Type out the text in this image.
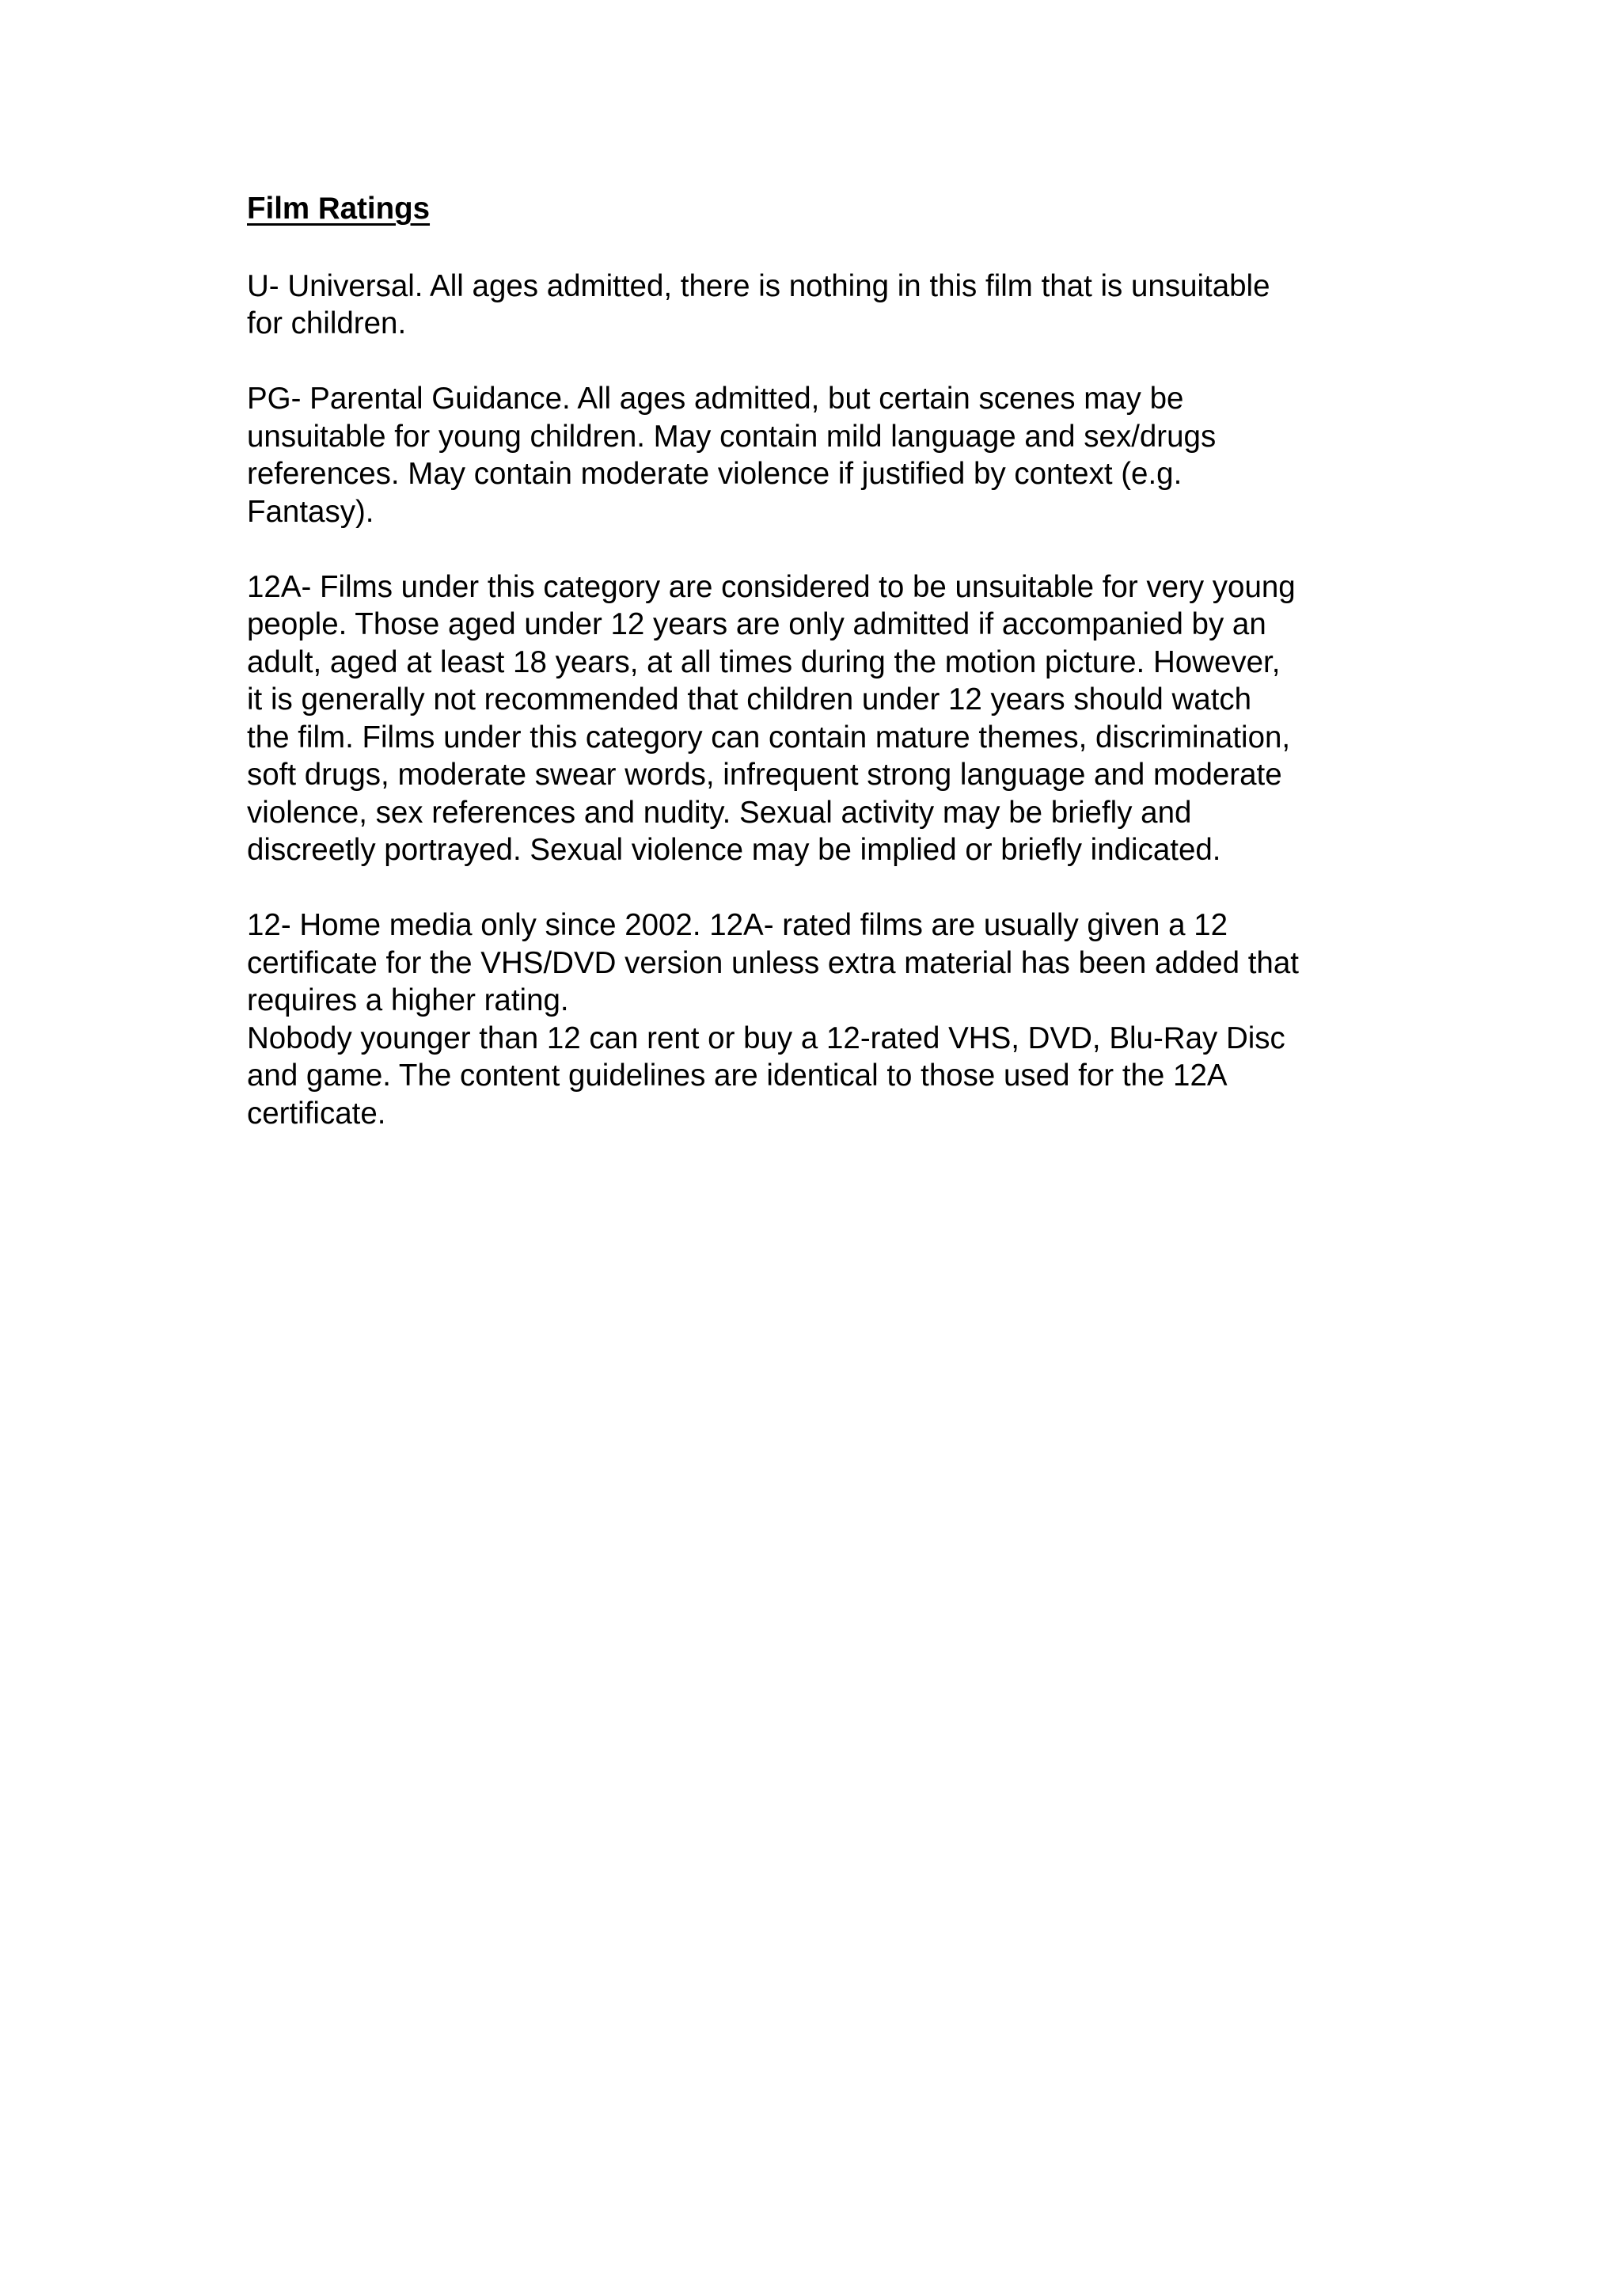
Film Ratings
U- Universal. All ages admitted, there is nothing in this film that is unsuitable
for children.
PG- Parental Guidance. All ages admitted, but certain scenes may be
unsuitable for young children. May contain mild language and sex/drugs
references. May contain moderate violence if justified by context (e.g.
Fantasy).
12A- Films under this category are considered to be unsuitable for very young
people. Those aged under 12 years are only admitted if accompanied by an
adult, aged at least 18 years, at all times during the motion picture. However,
it is generally not recommended that children under 12 years should watch
the film. Films under this category can contain mature themes, discrimination,
soft drugs, moderate swear words, infrequent strong language and moderate
violence, sex references and nudity. Sexual activity may be briefly and
discreetly portrayed. Sexual violence may be implied or briefly indicated.
12- Home media only since 2002. 12A- rated films are usually given a 12
certificate for the VHS/DVD version unless extra material has been added that
requires a higher rating.
Nobody younger than 12 can rent or buy a 12-rated VHS, DVD, Blu-Ray Disc
and game. The content guidelines are identical to those used for the 12A
certificate.
